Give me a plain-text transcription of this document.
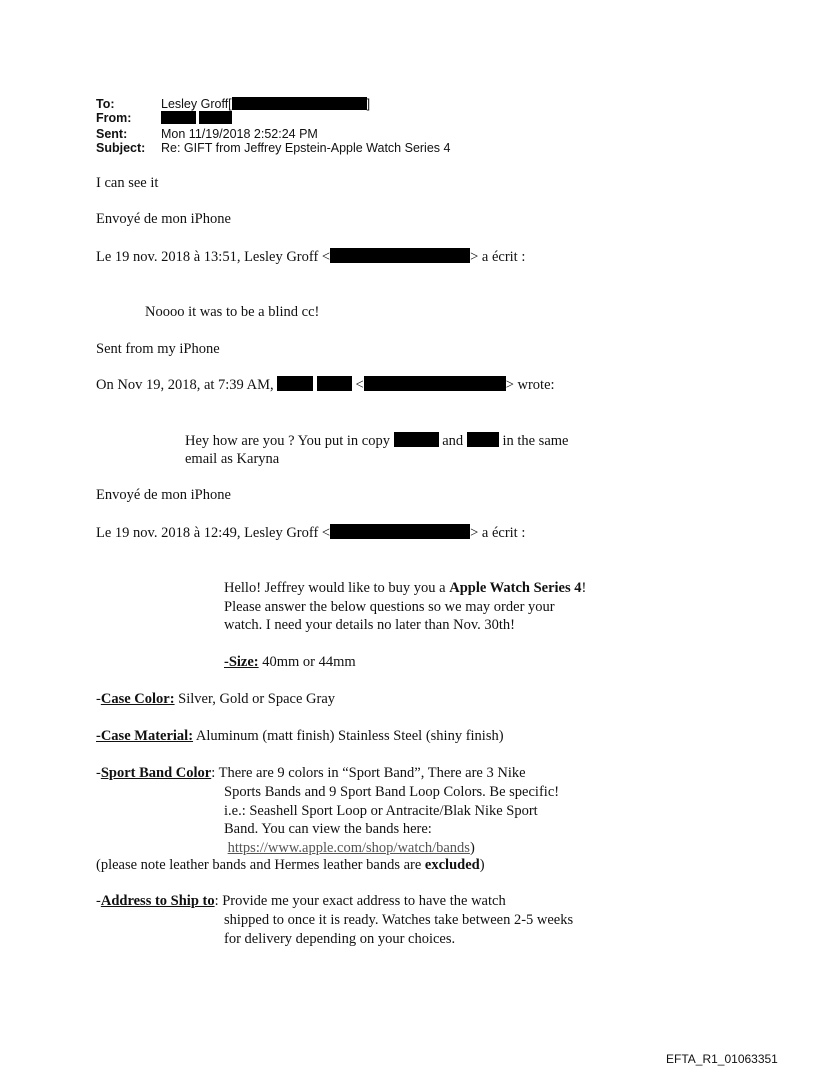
To:	Lesley Groff[	]
From:

Sent:	Mon 11/19/2018 2:52:24 PM
Subject: Re: GIFT from Jeffrey Epstein-Apple Watch Series 4
I can see it
Envoyé de mon iPhone
Le 19 nov. 2018 à 13:51, Lesley Groff <	> a écrit :
Noooo it was to be a blind cc!
Sent from my iPhone
On Nov 19, 2018, at 7:39 AM,	<	> wrote:
Hey how are you ? You put in copy	and	in the same
email as Karyna
Envoyé de mon iPhone
Le 19 nov. 2018 à 12:49, Lesley Groff <	> a écrit :
Hello! Jeffrey would like to buy you a Apple Watch Series 4! Please answer the below questions so we may order your watch. I need your details no later than Nov. 30th!
-Size: 40mm or 44mm
-Case Color: Silver, Gold or Space Gray
-Case Material: Aluminum (matt finish) Stainless Steel (shiny finish)
-Sport Band Color: There are 9 colors in “Sport Band”, There are 3 Nike
Sports Bands and 9 Sport Band Loop Colors. Be specific! i.e.: Seashell Sport Loop or Antracite/Blak Nike Sport Band. You can view the bands here:
https://www.apple.com/shop/watch/bands)
(please note leather bands and Hermes leather bands are excluded)
-Address to Ship to: Provide me your exact address to have the watch
shipped to once it is ready. Watches take between 2-5 weeks for delivery depending on your choices.
EFTA_R1_01063351
